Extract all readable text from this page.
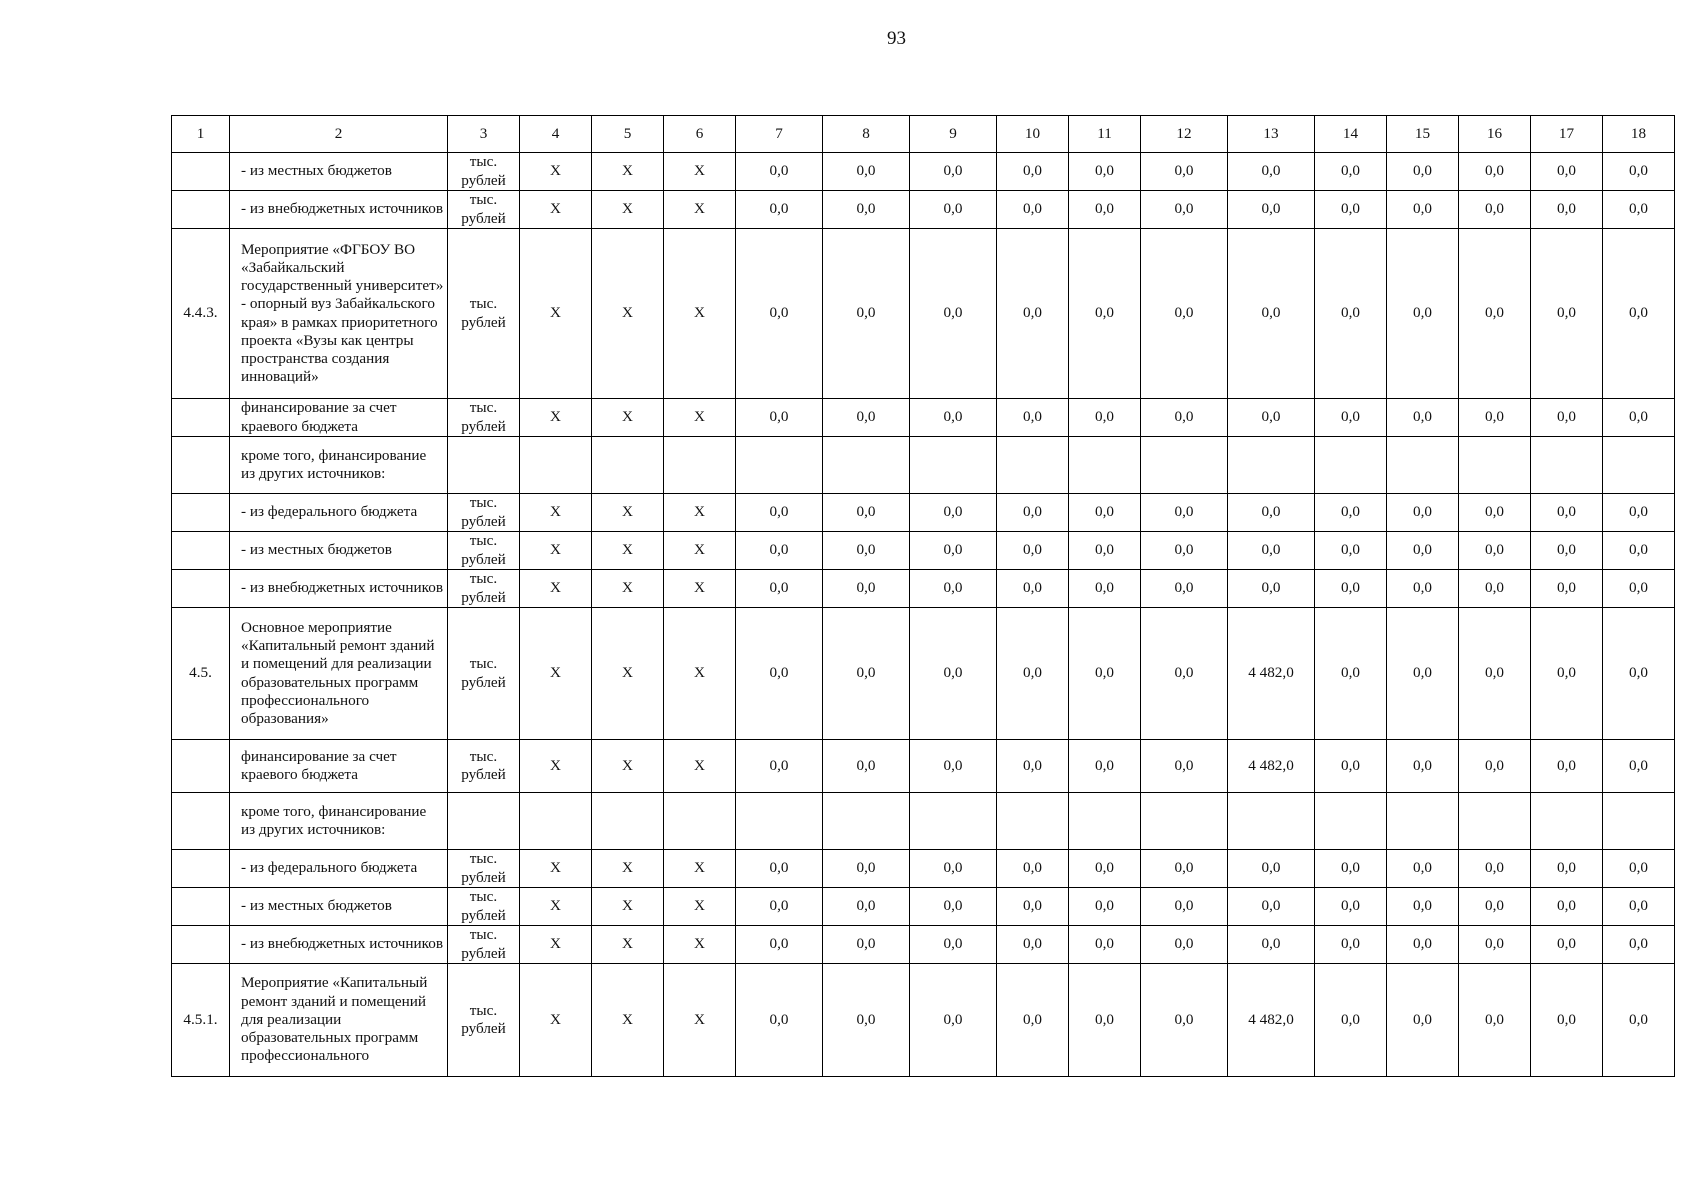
93
1	2	3	4	5	6	7	8	9	10	11	12	13	14	15	16	17	18
	- из местных бюджетов	тыс. рублей	X	X	X	0,0	0,0	0,0	0,0	0,0	0,0	0,0	0,0	0,0	0,0	0,0	0,0
	- из внебюджетных источников	тыс. рублей	X	X	X	0,0	0,0	0,0	0,0	0,0	0,0	0,0	0,0	0,0	0,0	0,0	0,0
4.4.3.	Мероприятие «ФГБОУ ВО «Забайкальский государственный университет» - опорный вуз Забайкальского края» в рамках приоритетного проекта «Вузы как центры пространства создания инноваций»	тыс. рублей	X	X	X	0,0	0,0	0,0	0,0	0,0	0,0	0,0	0,0	0,0	0,0	0,0	0,0
	финансирование за счет краевого бюджета	тыс. рублей	X	X	X	0,0	0,0	0,0	0,0	0,0	0,0	0,0	0,0	0,0	0,0	0,0	0,0
	кроме того, финансирование из других источников:																
	- из федерального бюджета	тыс. рублей	X	X	X	0,0	0,0	0,0	0,0	0,0	0,0	0,0	0,0	0,0	0,0	0,0	0,0
	- из местных бюджетов	тыс. рублей	X	X	X	0,0	0,0	0,0	0,0	0,0	0,0	0,0	0,0	0,0	0,0	0,0	0,0
	- из внебюджетных источников	тыс. рублей	X	X	X	0,0	0,0	0,0	0,0	0,0	0,0	0,0	0,0	0,0	0,0	0,0	0,0
4.5.	Основное мероприятие «Капитальный ремонт зданий и помещений для реализации образовательных программ профессионального образования»	тыс. рублей	X	X	X	0,0	0,0	0,0	0,0	0,0	0,0	4 482,0	0,0	0,0	0,0	0,0	0,0
	финансирование за счет краевого бюджета	тыс. рублей	X	X	X	0,0	0,0	0,0	0,0	0,0	0,0	4 482,0	0,0	0,0	0,0	0,0	0,0
	кроме того, финансирование из других источников:																
	- из федерального бюджета	тыс. рублей	X	X	X	0,0	0,0	0,0	0,0	0,0	0,0	0,0	0,0	0,0	0,0	0,0	0,0
	- из местных бюджетов	тыс. рублей	X	X	X	0,0	0,0	0,0	0,0	0,0	0,0	0,0	0,0	0,0	0,0	0,0	0,0
	- из внебюджетных источников	тыс. рублей	X	X	X	0,0	0,0	0,0	0,0	0,0	0,0	0,0	0,0	0,0	0,0	0,0	0,0
4.5.1.	Мероприятие «Капитальный ремонт зданий и помещений для реализации образовательных программ профессионального	тыс. рублей	X	X	X	0,0	0,0	0,0	0,0	0,0	0,0	4 482,0	0,0	0,0	0,0	0,0	0,0
